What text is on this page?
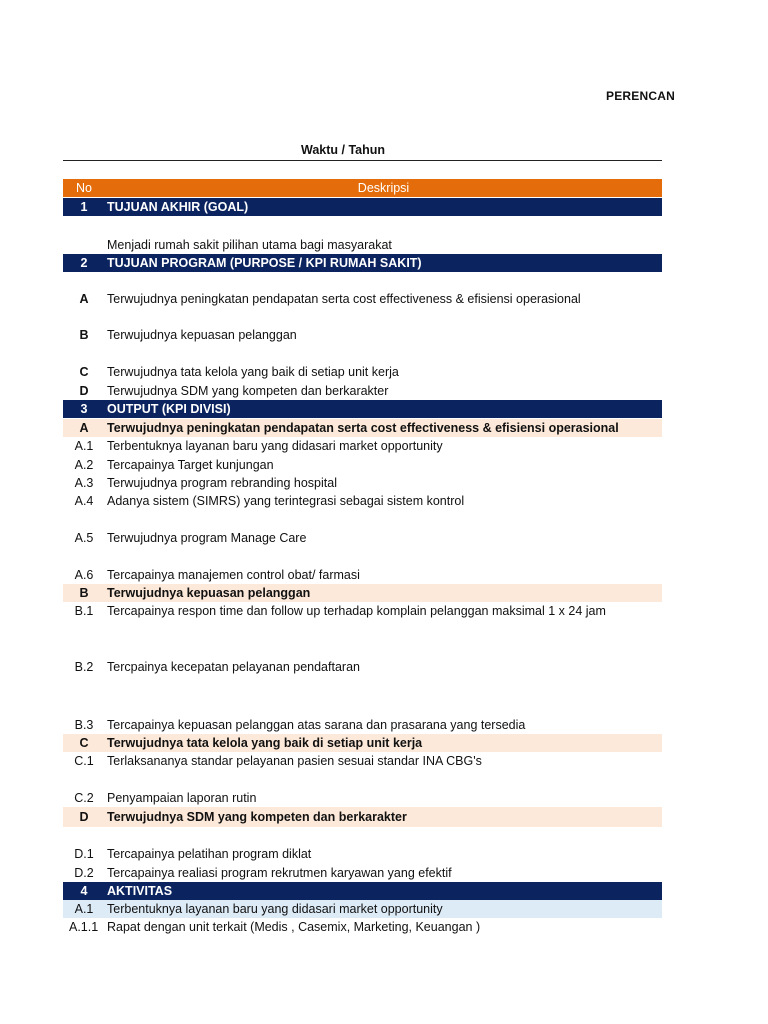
PERENCAN
Waktu / Tahun
No	Deskripsi
1	TUJUAN AKHIR (GOAL)
Menjadi rumah sakit pilihan utama bagi masyarakat
2	TUJUAN PROGRAM (PURPOSE / KPI RUMAH SAKIT)
A	Terwujudnya peningkatan pendapatan serta cost effectiveness & efisiensi operasional
B	Terwujudnya kepuasan pelanggan
C	Terwujudnya tata kelola yang baik di setiap unit kerja
D	Terwujudnya SDM yang kompeten dan berkarakter
3	OUTPUT (KPI DIVISI)
A	Terwujudnya peningkatan pendapatan serta cost effectiveness & efisiensi operasional
A.1	Terbentuknya layanan baru yang didasari market opportunity
A.2	Tercapainya Target kunjungan
A.3	Terwujudnya program rebranding hospital
A.4	Adanya sistem (SIMRS) yang terintegrasi sebagai sistem kontrol
A.5	Terwujudnya program Manage Care
A.6	Tercapainya manajemen control obat/ farmasi
B	Terwujudnya kepuasan pelanggan
B.1	Tercapainya respon time dan follow up terhadap komplain pelanggan maksimal 1 x 24 jam
B.2	Tercpainya kecepatan pelayanan pendaftaran
B.3	Tercapainya kepuasan pelanggan atas sarana dan prasarana yang tersedia
C	Terwujudnya tata kelola yang baik di setiap unit kerja
C.1	Terlaksananya standar pelayanan pasien sesuai standar INA CBG's
C.2	Penyampaian laporan rutin
D	Terwujudnya SDM yang kompeten dan berkarakter
D.1	Tercapainya pelatihan program diklat
D.2	Tercapainya realiasi program rekrutmen karyawan yang efektif
4	AKTIVITAS
A.1	Terbentuknya layanan baru yang didasari market opportunity
A.1.1 Rapat dengan unit terkait (Medis , Casemix, Marketing, Keuangan )
